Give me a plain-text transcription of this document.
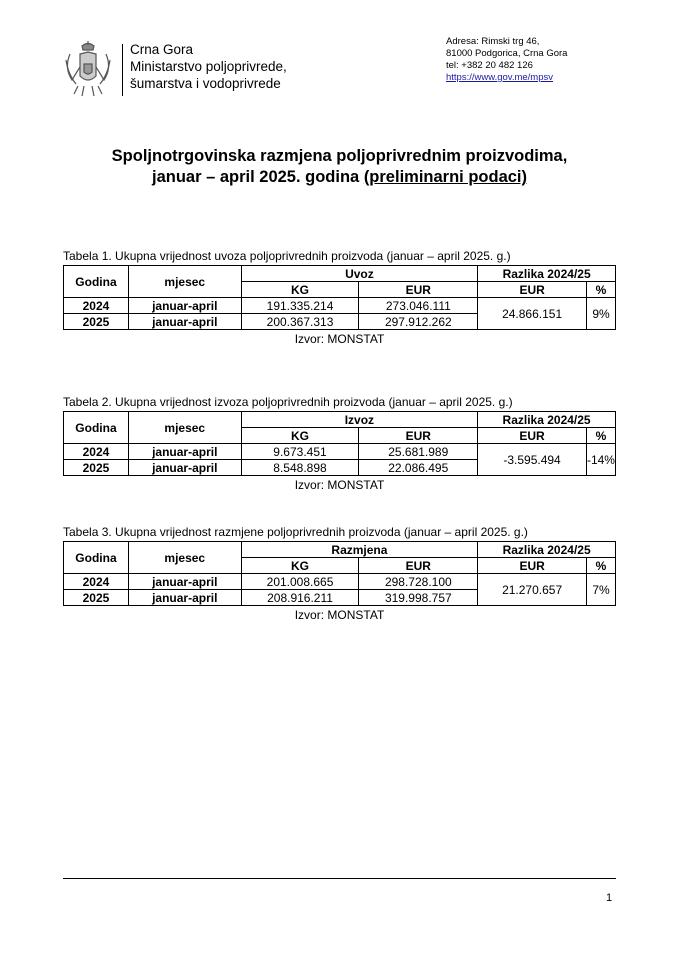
Crna Gora
Ministarstvo poljoprivrede,
šumarstva i vodoprivrede
Adresa: Rimski trg 46,
81000 Podgorica, Crna Gora
tel: +382 20 482 126
https://www.gov.me/mpsv
Spoljnotrgovinska razmjena poljoprivrednim proizvodima,
januar – april 2025. godina (preliminarni podaci)
Tabela 1. Ukupna vrijednost uvoza poljoprivrednih proizvoda (januar – april 2025. g.)
Godina	mjesec	Uvoz		Razlika 2024/25	
		KG	EUR	EUR	%
2024	januar-april	191.335.214	273.046.111	24.866.151	9%
2025	januar-april	200.367.313	297.912.262		
Izvor: MONSTAT
Tabela 2. Ukupna vrijednost izvoza poljoprivrednih proizvoda (januar – april 2025. g.)
Godina	mjesec	Izvoz		Razlika 2024/25	
		KG	EUR	EUR	%
2024	januar-april	9.673.451	25.681.989	-3.595.494	-14%
2025	januar-april	8.548.898	22.086.495		
Izvor: MONSTAT
Tabela 3. Ukupna vrijednost razmjene poljoprivrednih proizvoda (januar – april 2025. g.)
Godina	mjesec	Razmjena		Razlika 2024/25	
		KG	EUR	EUR	%
2024	januar-april	201.008.665	298.728.100	21.270.657	7%
2025	januar-april	208.916.211	319.998.757		
Izvor: MONSTAT
1
